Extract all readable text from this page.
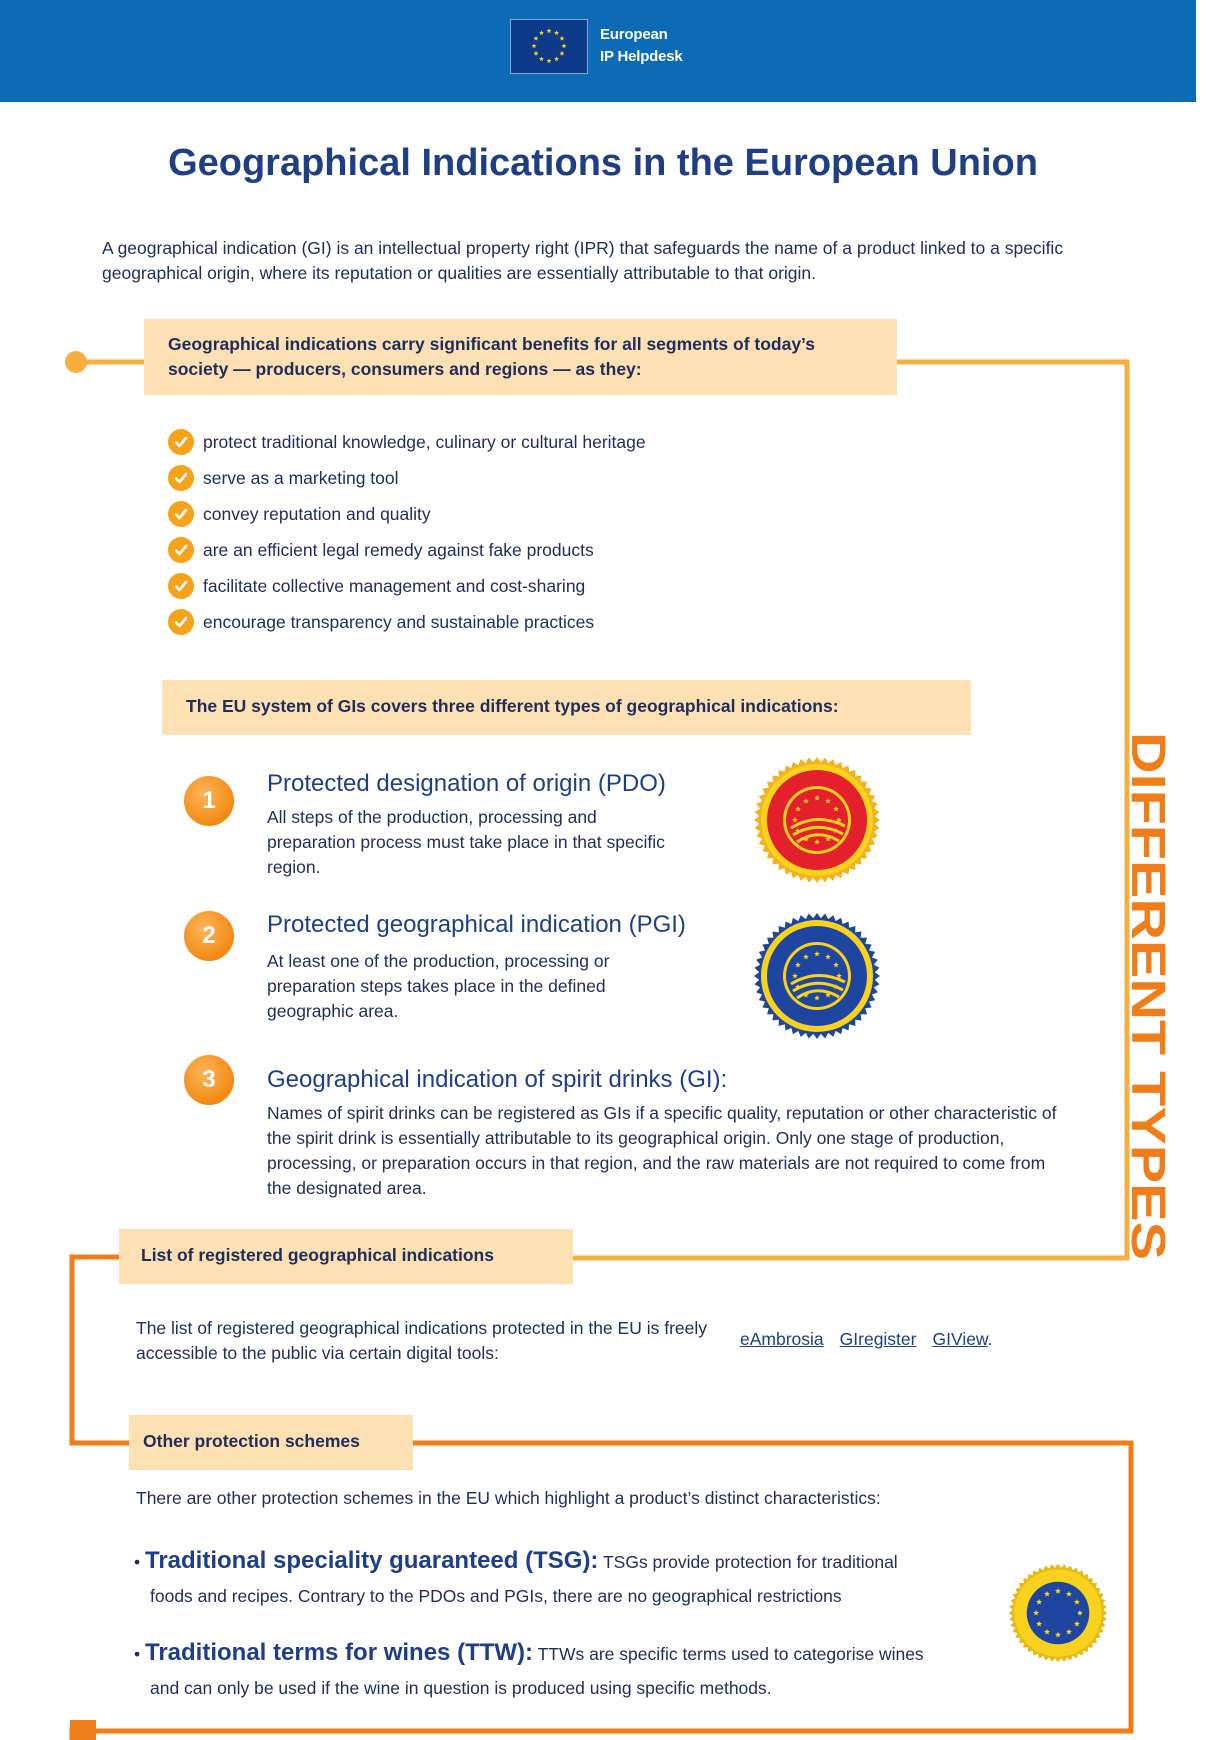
European
IP Helpdesk
Geographical Indications in the European Union

A geographical indication (GI) is an intellectual property right (IPR) that safeguards the name of a product linked to a specific geographical origin, where its reputation or qualities are essentially attributable to that origin.

Geographical indications carry significant benefits for all segments of today’s society — producers, consumers and regions — as they:

protect traditional knowledge, culinary or cultural heritage
serve as a marketing tool
convey reputation and quality
are an efficient legal remedy against fake products
facilitate collective management and cost-sharing
encourage transparency and sustainable practices

The EU system of GIs covers three different types of geographical indications:

1
Protected designation of origin (PDO)
All steps of the production, processing and preparation process must take place in that specific region.
2	Protected geographical indication (PGI)
At least one of the production, processing or preparation steps takes place in the defined geographic area.
3	Geographical indication of spirit drinks (GI):
Names of spirit drinks can be registered as GIs if a specific quality, reputation or other characteristic of the spirit drink is essentially attributable to its geographical origin. Only one stage of production, processing, or preparation occurs in that region, and the raw materials are not required to come from the designated area.
DIFFERENT TYPES
List of registered geographical indications

The list of registered geographical indications protected in the EU is freely accessible to the public via certain digital tools:

eAmbrosia GIregister GIView.
Other protection schemes
There are other protection schemes in the EU which highlight a product’s distinct characteristics:
• Traditional speciality guaranteed (TSG): TSGs provide protection for traditional
foods and recipes. Contrary to the PDOs and PGIs, there are no geographical restrictions
• Traditional terms for wines (TTW): TTWs are specific terms used to categorise wines
and can only be used if the wine in question is produced using specific methods.
